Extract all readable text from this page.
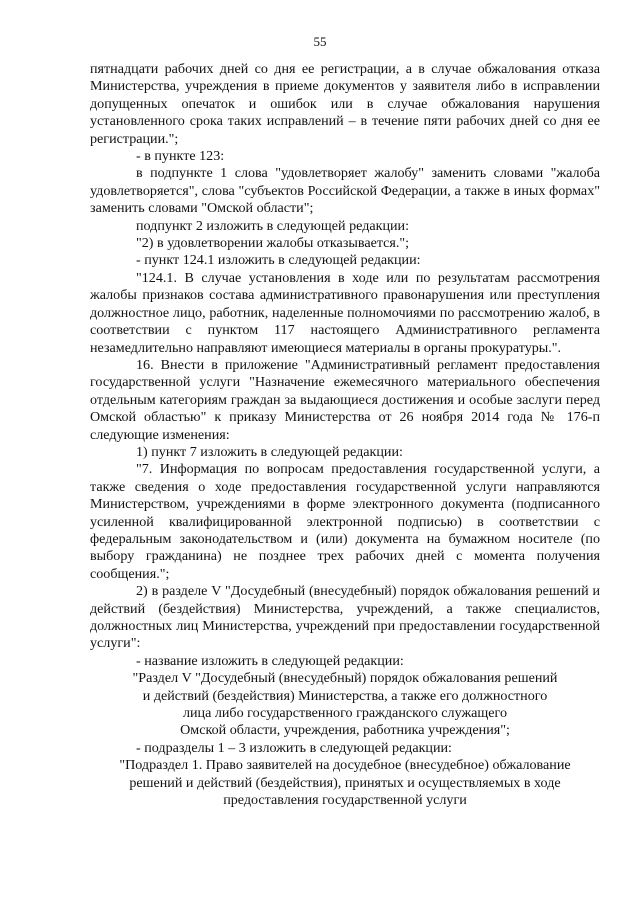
55

пятнадцати рабочих дней со дня ее регистрации, а в случае обжалования отказа Министерства, учреждения в приеме документов у заявителя либо в исправлении допущенных опечаток и ошибок или в случае обжалования нарушения установленного срока таких исправлений – в течение пяти рабочих дней со дня ее регистрации.";

- в пункте 123:

в подпункте 1 слова "удовлетворяет жалобу" заменить словами "жалоба удовлетворяется", слова "субъектов Российской Федерации, а также в иных формах" заменить словами "Омской области";

подпункт 2 изложить в следующей редакции:

"2) в удовлетворении жалобы отказывается.";

- пункт 124.1 изложить в следующей редакции:

"124.1. В случае установления в ходе или по результатам рассмотрения жалобы признаков состава административного правонарушения или преступления должностное лицо, работник, наделенные полномочиями по рассмотрению жалоб, в соответствии с пунктом 117 настоящего Административного регламента незамедлительно направляют имеющиеся материалы в органы прокуратуры.".

16. Внести в приложение "Административный регламент предоставления государственной услуги "Назначение ежемесячного материального обеспечения отдельным категориям граждан за выдающиеся достижения и особые заслуги перед Омской областью" к приказу Министерства от 26 ноября 2014 года № 176-п следующие изменения:

1) пункт 7 изложить в следующей редакции:

"7. Информация по вопросам предоставления государственной услуги, а также сведения о ходе предоставления государственной услуги направляются Министерством, учреждениями в форме электронного документа (подписанного усиленной квалифицированной электронной подписью) в соответствии с федеральным законодательством и (или) документа на бумажном носителе (по выбору гражданина) не позднее трех рабочих дней с момента получения сообщения.";

2) в разделе V "Досудебный (внесудебный) порядок обжалования решений и действий (бездействия) Министерства, учреждений, а также специалистов, должностных лиц Министерства, учреждений при предоставлении государственной услуги":

- название изложить в следующей редакции:

"Раздел V "Досудебный (внесудебный) порядок обжалования решений

и действий (бездействия) Министерства, а также его должностного

лица либо государственного гражданского служащего

Омской области, учреждения, работника учреждения";

- подразделы 1 – 3 изложить в следующей редакции:

"Подраздел 1. Право заявителей на досудебное (внесудебное) обжалование

решений и действий (бездействия), принятых и осуществляемых в ходе

предоставления государственной услуги
